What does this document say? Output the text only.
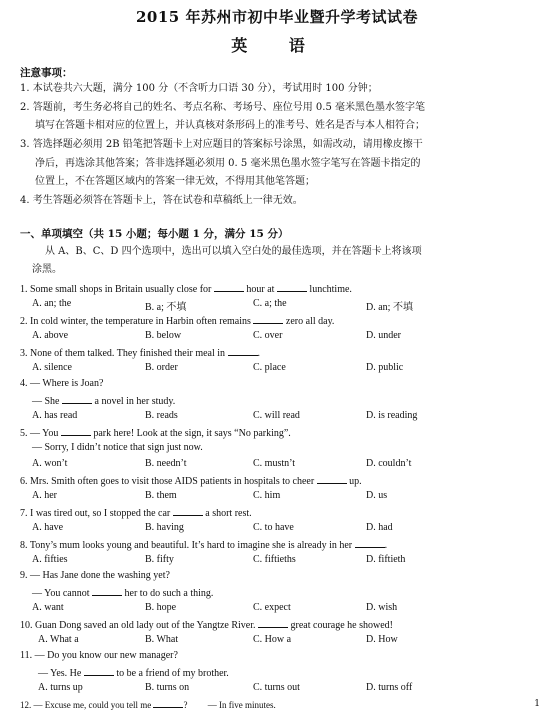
2015 年苏州市初中毕业暨升学考试试卷
英 语
注意事项：
1. 本试卷共六大题，满分 100 分（不含听力口语 30 分），考试用时 100 分钟；
2. 答题前，考生务必将自己的姓名、考点名称、考场号、座位号用 0.5 毫米黑色墨水签字笔
填写在答题卡相对应的位置上，并认真核对条形码上的准考号、姓名是否与本人相符合；
3. 答选择题必须用 2B 铅笔把答题卡上对应题目的答案标号涂黑，如需改动，请用橡皮擦干
净后，再选涂其他答案；答非选择题必须用 0. 5 毫米黑色墨水签字笔写在答题卡指定的
位置上，不在答题区域内的答案一律无效，不得用其他笔答题；
4. 考生答题必须答在答题卡上，答在试卷和草稿纸上一律无效。
一、单项填空（共 15 小题；每小题 1 分，满分 15 分）
从 A、B、C、D 四个选项中，选出可以填入空白处的最佳选项，并在答题卡上将该项
涂黑。
1. Some small shops in Britain usually close for	hour at	lunchtime.
A. an; the	B. a; 不填	C. a; the	D. an; 不填
2. In cold winter, the temperature in Harbin often remains	zero all day.
A. above	B. below	C. over	D. under
3. None of them talked. They finished their meal in	.
A. silence	B. order	C. place	D. public
4. — Where is Joan?
— She	a novel in her study.
A. has read	B. reads	C. will read	D. is reading
5. — You	park here! Look at the sign, it says “No parking”.
— Sorry, I didn’t notice that sign just now.
A. won’t	B. needn’t	C. mustn’t	D. couldn’t
6. Mrs. Smith often goes to visit those AIDS patients in hospitals to cheer	up.
A. her	B. them	C. him	D. us
7. I was tired out, so I stopped the car	a short rest.
A. have	B. having	C. to have	D. had
8. Tony’s mum looks young and beautiful. It’s hard to imagine she is already in her	.
A. fifties	B. fifty	C. fiftieths	D. fiftieth
9. — Has Jane done the washing yet?
— You cannot	her to do such a thing.
A. want	B. hope	C. expect	D. wish
10. Guan Dong saved an old lady out of the Yangtze River.	great courage he showed!
A. What a	B. What	C. How a	D. How
11. — Do you know our new manager?
— Yes. He	to be a friend of my brother.
A. turns up	B. turns on	C. turns out	D. turns off
12. — Excuse me, could you tell me	? — In five minutes.	1
